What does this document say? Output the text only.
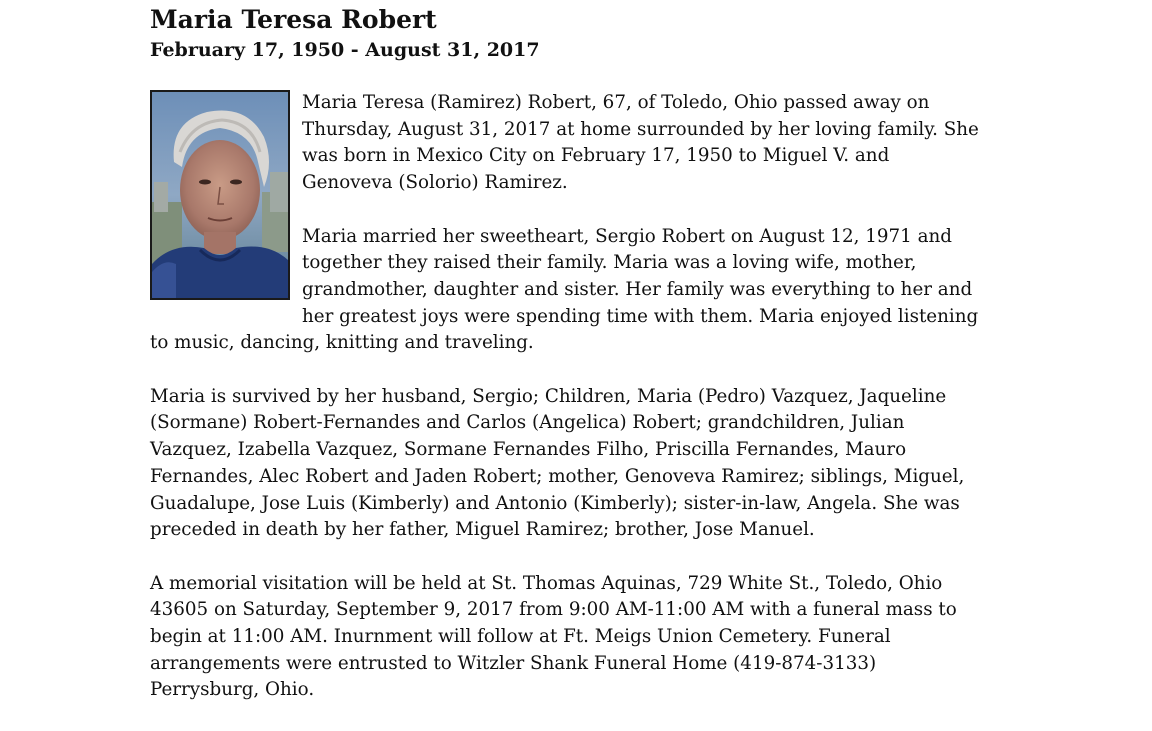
Maria Teresa Robert
February 17, 1950 - August 31, 2017

Maria Teresa (Ramirez) Robert, 67, of Toledo, Ohio passed away on Thursday, August 31, 2017 at home surrounded by her loving family. She was born in Mexico City on February 17, 1950 to Miguel V. and Genoveva (Solorio) Ramirez.

Maria married her sweetheart, Sergio Robert on August 12, 1971 and together they raised their family. Maria was a loving wife, mother, grandmother, daughter and sister. Her family was everything to her and her greatest joys were spending time with them. Maria enjoyed listening to music, dancing, knitting and traveling.

Maria is survived by her husband, Sergio; Children, Maria (Pedro) Vazquez, Jaqueline (Sormane) Robert-Fernandes and Carlos (Angelica) Robert; grandchildren, Julian Vazquez, Izabella Vazquez, Sormane Fernandes Filho, Priscilla Fernandes, Mauro Fernandes, Alec Robert and Jaden Robert; mother, Genoveva Ramirez; siblings, Miguel, Guadalupe, Jose Luis (Kimberly) and Antonio (Kimberly); sister-in-law, Angela. She was preceded in death by her father, Miguel Ramirez; brother, Jose Manuel.

A memorial visitation will be held at St. Thomas Aquinas, 729 White St., Toledo, Ohio 43605 on Saturday, September 9, 2017 from 9:00 AM-11:00 AM with a funeral mass to begin at 11:00 AM. Inurnment will follow at Ft. Meigs Union Cemetery. Funeral arrangements were entrusted to Witzler Shank Funeral Home (419-874-3133) Perrysburg, Ohio.
